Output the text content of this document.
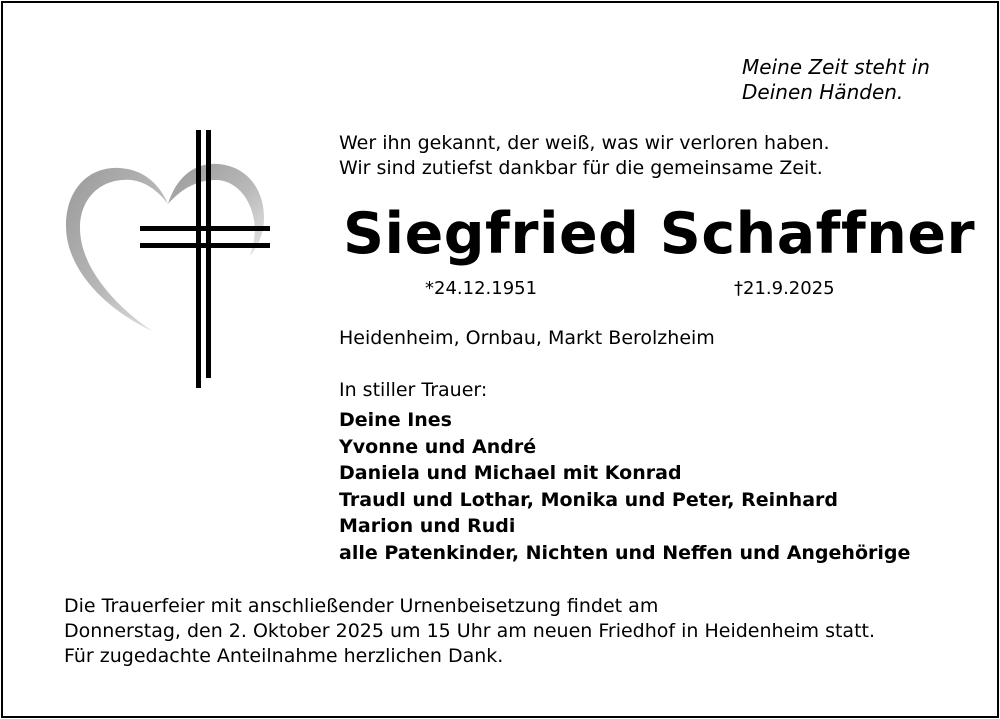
Meine Zeit steht in
Deinen Händen.
Wer ihn gekannt, der weiß, was wir verloren haben.
Wir sind zutiefst dankbar für die gemeinsame Zeit.
Siegfried Schaffner
*24.12.1951	†21.9.2025
Heidenheim, Ornbau, Markt Berolzheim
In stiller Trauer:
Deine Ines
Yvonne und André
Daniela und Michael mit Konrad
Traudl und Lothar, Monika und Peter, Reinhard
Marion und Rudi
alle Patenkinder, Nichten und Neffen und Angehörige
Die Trauerfeier mit anschließender Urnenbeisetzung findet am
Donnerstag, den 2. Oktober 2025 um 15 Uhr am neuen Friedhof in Heidenheim statt.
Für zugedachte Anteilnahme herzlichen Dank.
